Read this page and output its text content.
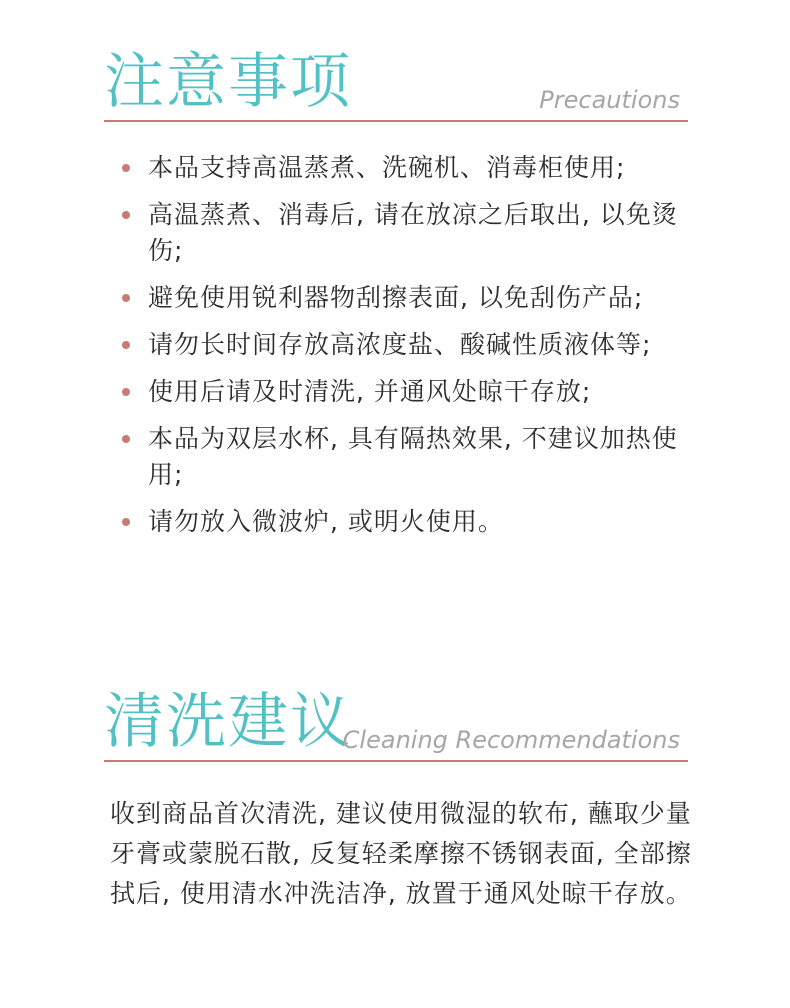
注意事项	Precautions
本品支持高温蒸煮、洗碗机、消毒柜使用;
高温蒸煮、消毒后, 请在放凉之后取出, 以免烫伤;
避免使用锐利器物刮擦表面, 以免刮伤产品;
请勿长时间存放高浓度盐、酸碱性质液体等;
使用后请及时清洗, 并通风处晾干存放;
本品为双层水杯, 具有隔热效果, 不建议加热使用;
请勿放入微波炉, 或明火使用。
清洗建议
Cleaning Recommendations

收到商品首次清洗, 建议使用微湿的软布, 蘸取少量牙膏或蒙脱石散, 反复轻柔摩擦不锈钢表面, 全部擦拭后, 使用清水冲洗洁净, 放置于通风处晾干存放。
